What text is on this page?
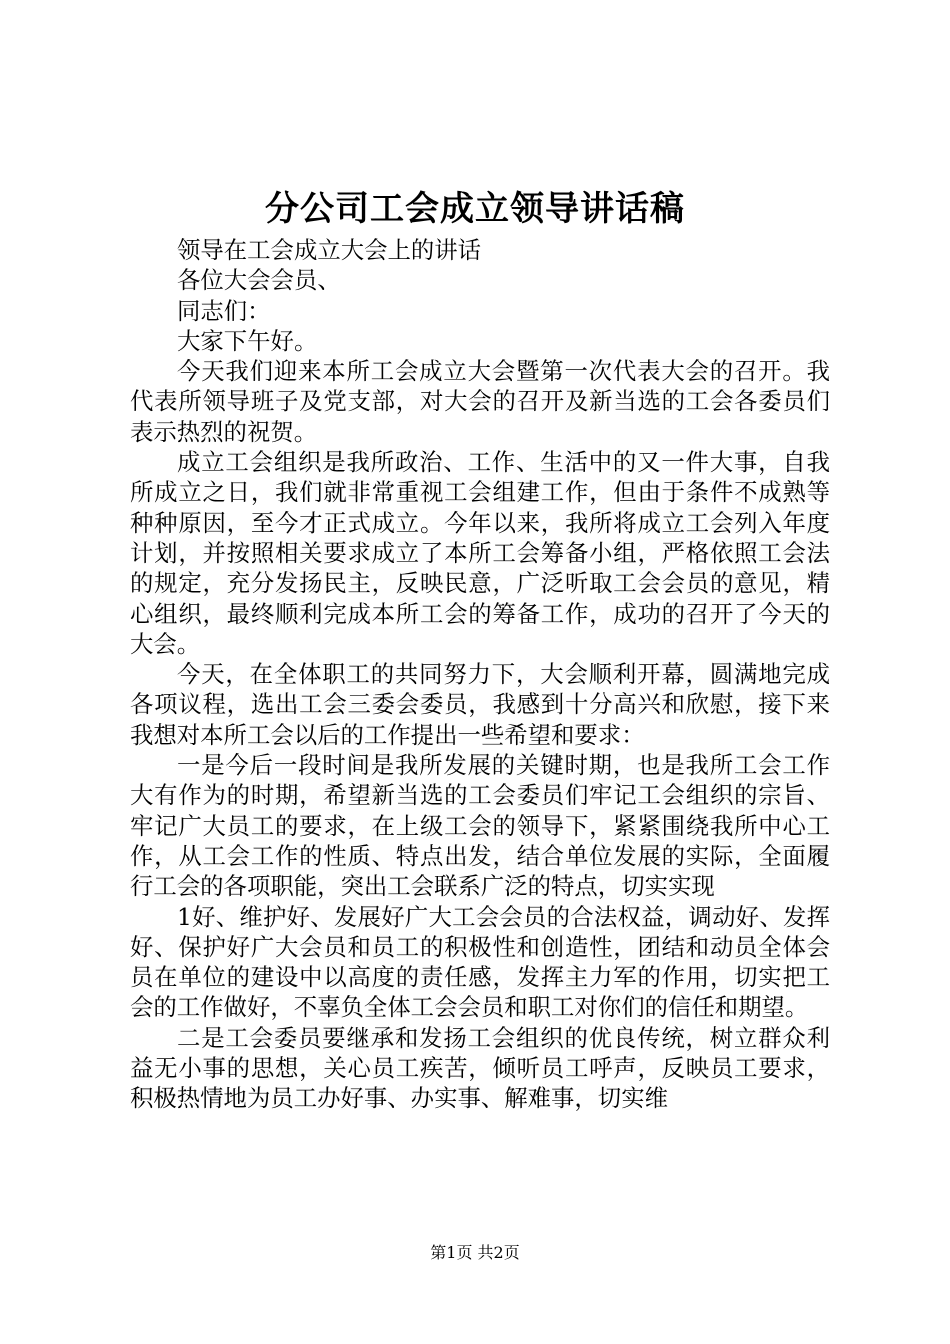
分公司工会成立领导讲话稿

领导在工会成立大会上的讲话

各位大会会员、

同志们：

大家下午好。

今天我们迎来本所工会成立大会暨第一次代表大会的召开。我代表所领导班子及党支部，对大会的召开及新当选的工会各委员们表示热烈的祝贺。

成立工会组织是我所政治、工作、生活中的又一件大事，自我所成立之日，我们就非常重视工会组建工作，但由于条件不成熟等种种原因，至今才正式成立。今年以来，我所将成立工会列入年度计划，并按照相关要求成立了本所工会筹备小组，严格依照工会法的规定，充分发扬民主，反映民意，广泛听取工会会员的意见，精心组织，最终顺利完成本所工会的筹备工作，成功的召开了今天的大会。

今天，在全体职工的共同努力下，大会顺利开幕，圆满地完成各项议程，选出工会三委会委员，我感到十分高兴和欣慰，接下来我想对本所工会以后的工作提出一些希望和要求：

一是今后一段时间是我所发展的关键时期，也是我所工会工作大有作为的时期，希望新当选的工会委员们牢记工会组织的宗旨、牢记广大员工的要求，在上级工会的领导下，紧紧围绕我所中心工作，从工会工作的性质、特点出发，结合单位发展的实际，全面履行工会的各项职能，突出工会联系广泛的特点，切实实现

1好、维护好、发展好广大工会会员的合法权益，调动好、发挥好、保护好广大会员和员工的积极性和创造性，团结和动员全体会员在单位的建设中以高度的责任感，发挥主力军的作用，切实把工会的工作做好，不辜负全体工会会员和职工对你们的信任和期望。

二是工会委员要继承和发扬工会组织的优良传统，树立群众利益无小事的思想，关心员工疾苦，倾听员工呼声，反映员工要求，积极热情地为员工办好事、办实事、解难事，切实维

第1页 共2页
